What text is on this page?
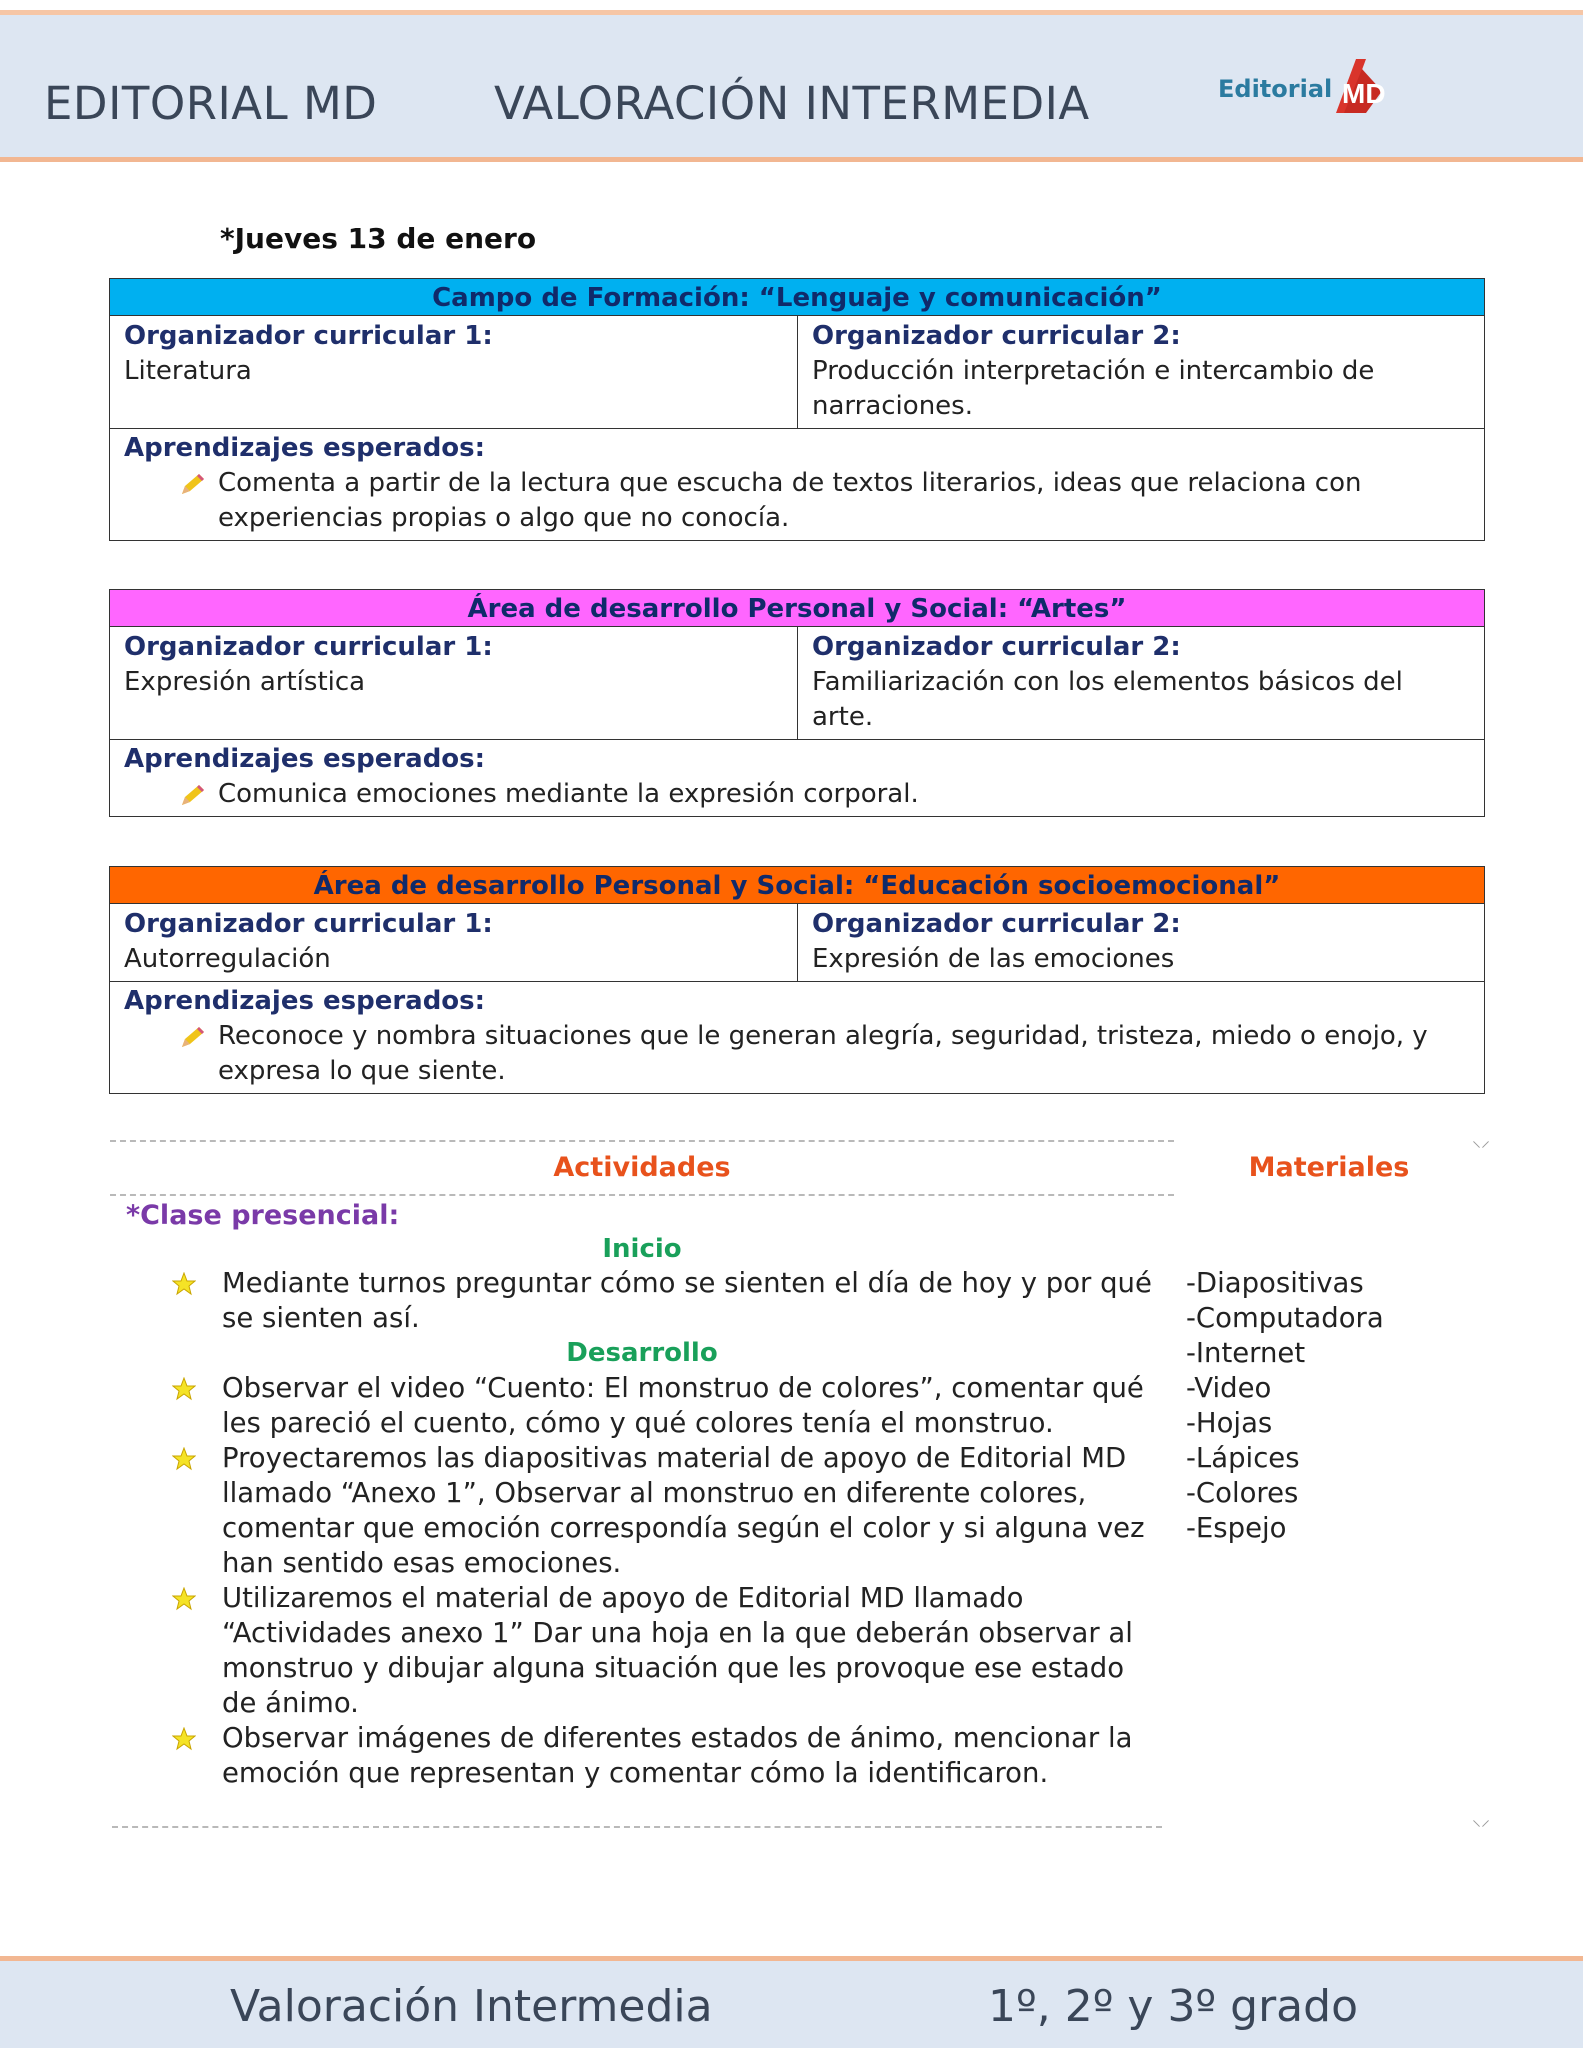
EDITORIAL MD	VALORACIÓN INTERMEDIA	Editorial MD
*Jueves 13 de enero
Campo de Formación: “Lenguaje y comunicación”
Organizador curricular 1:
Literatura
Organizador curricular 2:
Producción interpretación e intercambio de narraciones.
Aprendizajes esperados:
Comenta a partir de la lectura que escucha de textos literarios, ideas que relaciona con experiencias propias o algo que no conocía.
Área de desarrollo Personal y Social: “Artes”
Organizador curricular 1:
Expresión artística
Organizador curricular 2:
Familiarización con los elementos básicos del arte.
Aprendizajes esperados:
Comunica emociones mediante la expresión corporal.
Área de desarrollo Personal y Social: “Educación socioemocional”
Organizador curricular 1:
Autorregulación
Organizador curricular 2:
Expresión de las emociones
Aprendizajes esperados:
Reconoce y nombra situaciones que le generan alegría, seguridad, tristeza, miedo o enojo, y expresa lo que siente.
⸌⸍
Actividades	Materiales
*Clase presencial:
Inicio
Mediante turnos preguntar cómo se sienten el día de hoy y por qué se sienten así.
Desarrollo
Observar el video “Cuento: El monstruo de colores”, comentar qué les pareció el cuento, cómo y qué colores tenía el monstruo.
Proyectaremos las diapositivas material de apoyo de Editorial MD llamado “Anexo 1”, Observar al monstruo en diferente colores, comentar que emoción correspondía según el color y si alguna vez han sentido esas emociones.
Utilizaremos el material de apoyo de Editorial MD llamado “Actividades anexo 1” Dar una hoja en la que deberán observar al monstruo y dibujar alguna situación que les provoque ese estado de ánimo.
Observar imágenes de diferentes estados de ánimo, mencionar la emoción que representan y comentar cómo la identificaron.
-Diapositivas
-Computadora
-Internet
-Video
-Hojas
-Lápices
-Colores
-Espejo
⸌⸍
Valoración Intermedia	1º, 2º y 3º grado
